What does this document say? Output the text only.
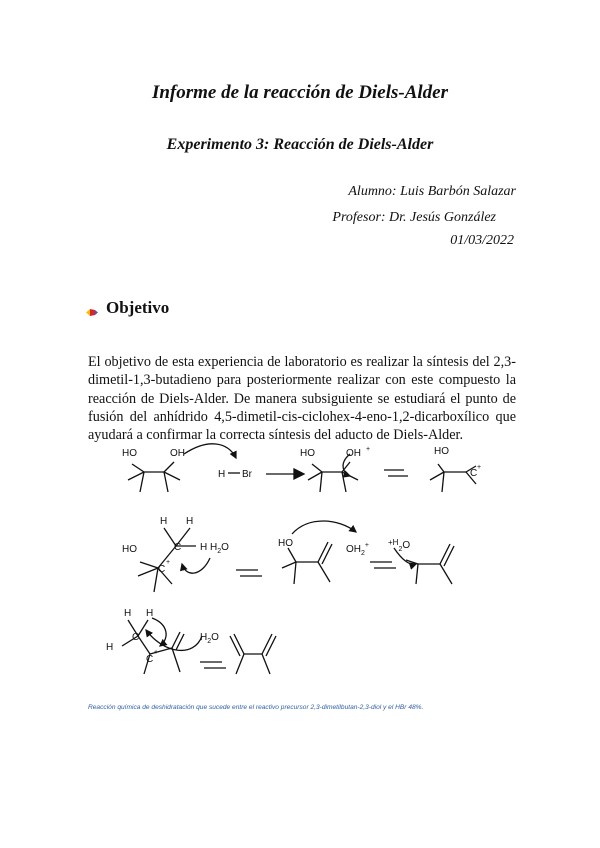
Informe de la reacción de Diels-Alder
Experimento 3: Reacción de Diels-Alder
Alumno: Luis Barbón Salazar
Profesor: Dr. Jesús González
01/03/2022
Objetivo

El objetivo de esta experiencia de laboratorio es realizar la síntesis del 2,3-dimetil-1,3-butadieno para posteriormente realizar con este compuesto la reacción de Diels-Alder. De manera subsiguiente se estudiará el punto de fusión del anhídrido 4,5-dimetil-cis-ciclohex-4-eno-1,2-dicarboxílico que ayudará a confirmar la correcta síntesis del aducto de Diels-Alder.

HO	OH
H Br
HO	OH +	HO
C
+
H H
H
C
HO
C
+
$H_2O$	HO
$OH_2^+$ $^{+H}_2$O
H H
H
C
C
+
$H_2O$
Reacción química de deshidratación que sucede entre el reactivo precursor 2,3-dimetilbutan-2,3-diol y el HBr 48%.
